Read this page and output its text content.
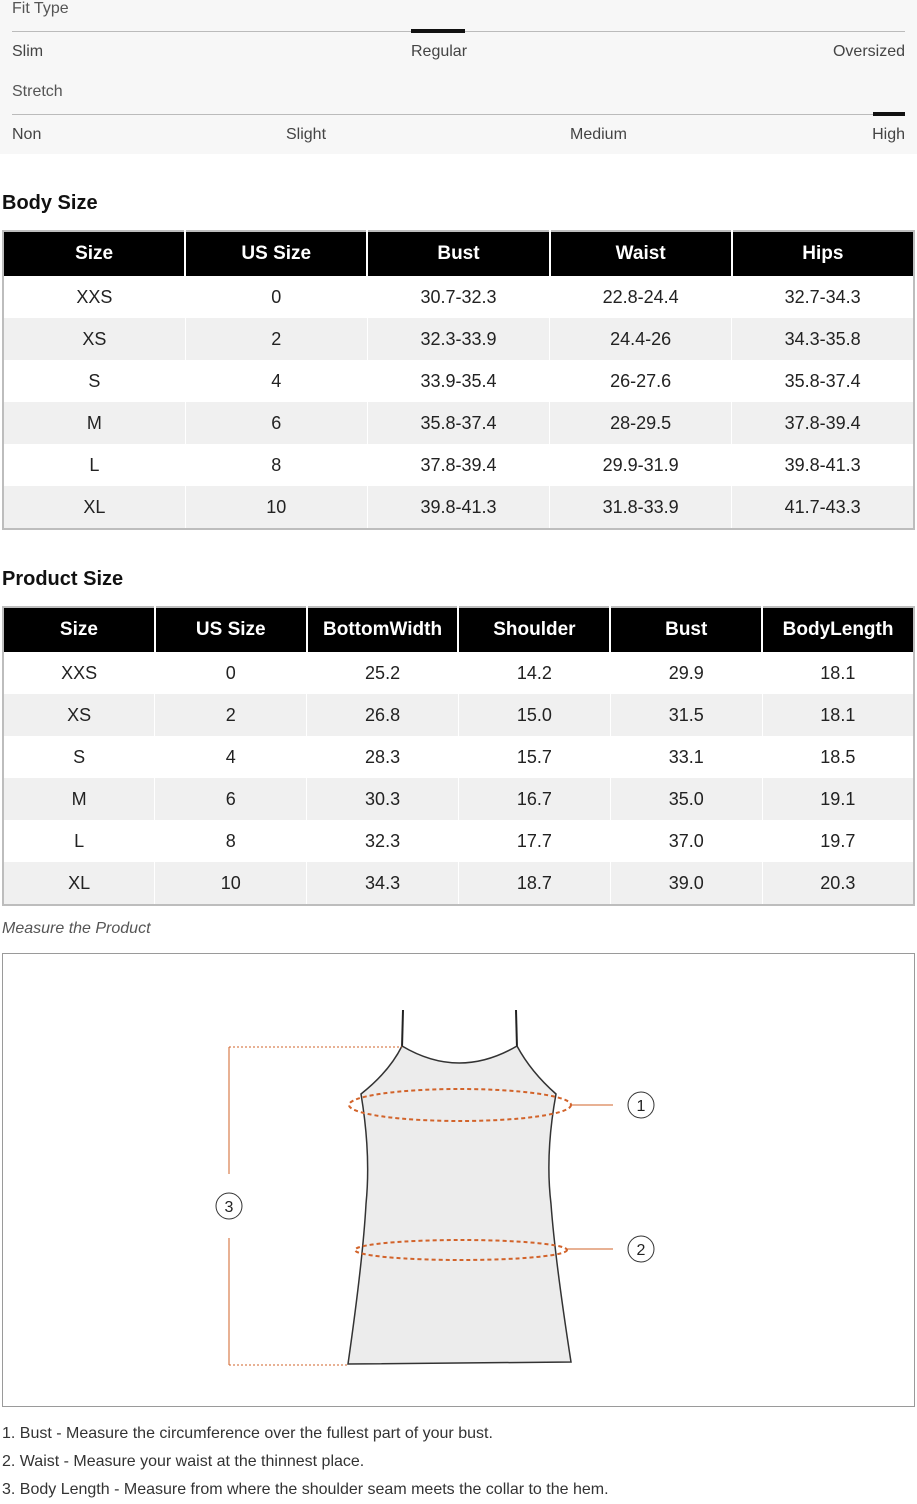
Fit Type
Slim	Regular	Oversized
Stretch
Non	Slight	Medium	High
Body Size
Size	US Size	Bust	Waist	Hips
XXS	0	30.7-32.3	22.8-24.4	32.7-34.3
XS	2	32.3-33.9	24.4-26	34.3-35.8
S	4	33.9-35.4	26-27.6	35.8-37.4
M	6	35.8-37.4	28-29.5	37.8-39.4
L	8	37.8-39.4	29.9-31.9	39.8-41.3
XL	10	39.8-41.3	31.8-33.9	41.7-43.3
Product Size
Size	US Size	BottomWidth	Shoulder	Bust	BodyLength
XXS	0	25.2	14.2	29.9	18.1
XS	2	26.8	15.0	31.5	18.1
S	4	28.3	15.7	33.1	18.5
M	6	30.3	16.7	35.0	19.1
L	8	32.3	17.7	37.0	19.7
XL	10	34.3	18.7	39.0	20.3
Measure the Product
1
2
3
1. Bust - Measure the circumference over the fullest part of your bust.
2. Waist - Measure your waist at the thinnest place.
3. Body Length - Measure from where the shoulder seam meets the collar to the hem.
